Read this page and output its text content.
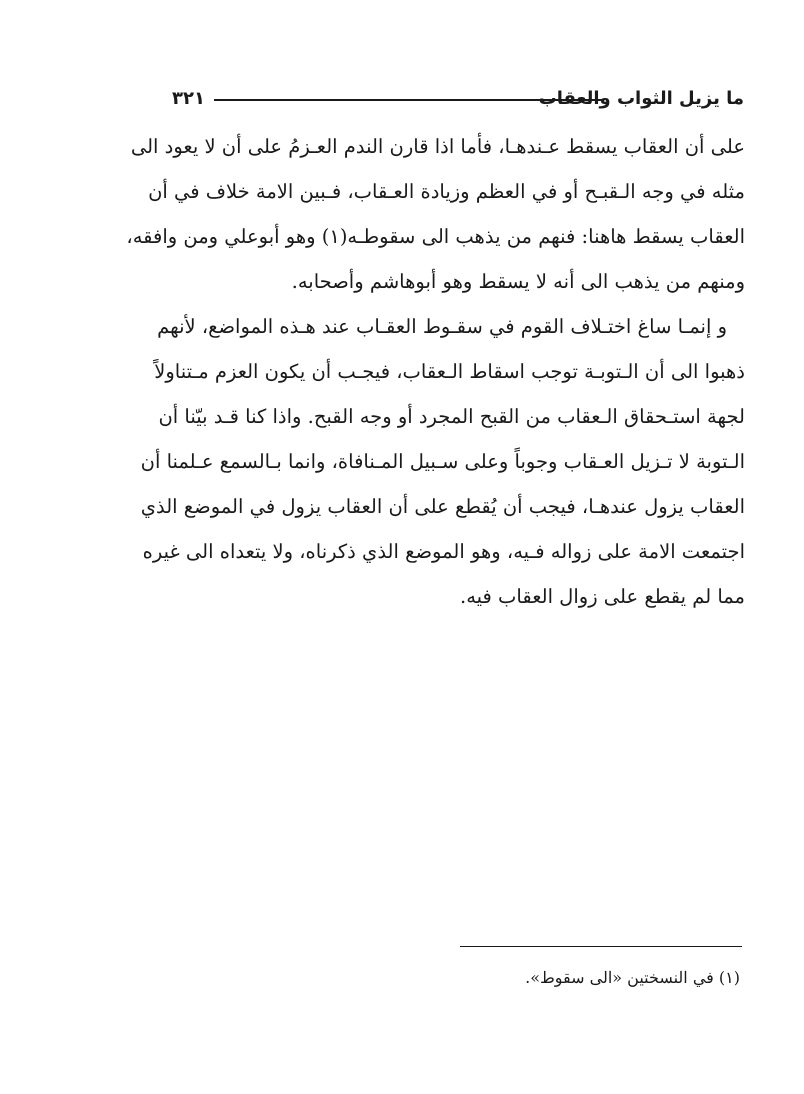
ما يزيل الثواب والعقاب
٣٢١
على أن العقاب يسقط عـندهـا، فأما اذا قارن الندم العـزمُ على أن لا يعود الى
مثله في وجه الـقبـح أو في العظم وزيادة العـقاب، فـبين الامة خلاف في أن
العقاب يسقط هاهنا: فنهم من يذهب الى سقوطـه(١) وهو أبوعلي ومن وافقه،
ومنهم من يذهب الى أنه لا يسقط وهو أبوهاشم وأصحابه.
و إنمـا ساغ اختـلاف القوم في سقـوط العقـاب عند هـذه المواضع، لأنهم
ذهبوا الى أن الـتوبـة توجب اسقاط الـعقاب، فيجـب أن يكون العزم مـتناولاً
لجهة استـحقاق الـعقاب من القبح المجرد أو وجه القبح. واذا كنا قـد بيّنا أن
الـتوبة لا تـزيل العـقاب وجوباً وعلى سـبيل المـنافاة، وانما بـالسمع عـلمنا أن
العقاب يزول عندهـا، فيجب أن يُقطع على أن العقاب يزول في الموضع الذي
اجتمعت الامة على زواله فـيه، وهو الموضع الذي ذكرناه، ولا يتعداه الى غيره
مما لم يقطع على زوال العقاب فيه.
(١) في النسختين «الى سقوط».
